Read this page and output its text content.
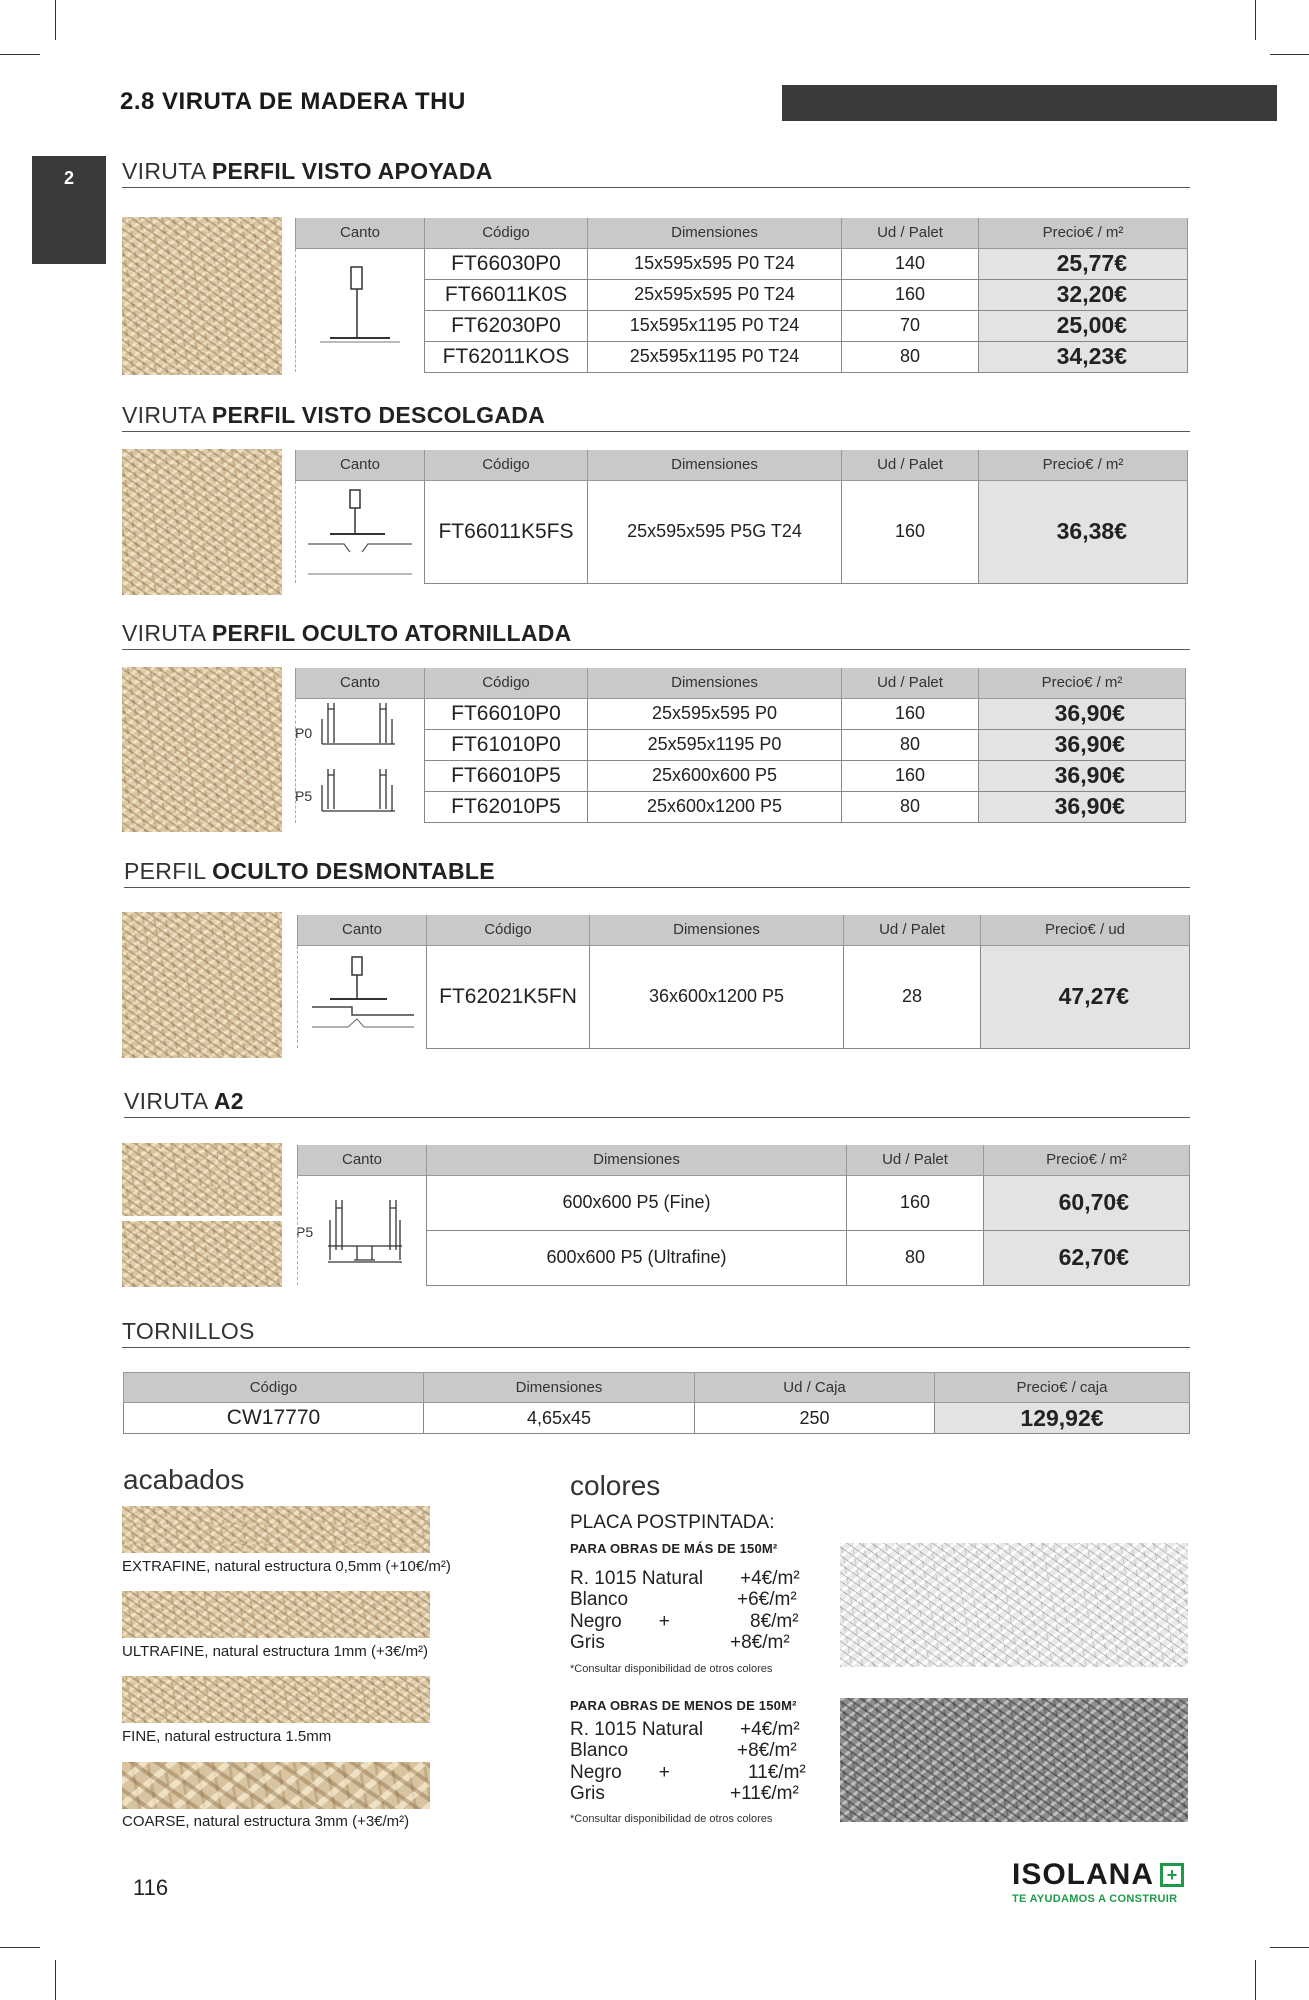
2.8 VIRUTA DE MADERA THU
2	VIRUTA PERFIL VISTO APOYADA
Canto	Código	Dimensiones	Ud / Palet	Precio€ / m²

	FT66030P0	15x595x595 P0 T24	140	25,77€
	FT66011K0S	25x595x595 P0 T24	160	32,20€
	FT62030P0	15x595x1195 P0 T24	70	25,00€
	FT62011KOS	25x595x1195 P0 T24	80	34,23€
VIRUTA PERFIL VISTO DESCOLGADA
Canto	Código	Dimensiones	Ud / Palet	Precio€ / m²

	FT66011K5FS	25x595x595 P5G T24	160	36,38€
VIRUTA PERFIL OCULTO ATORNILLADA
P0
P5
Canto	Código	Dimensiones	Ud / Palet	Precio€ / m²

	FT66010P0	25x595x595 P0	160	36,90€
	FT61010P0	25x595x1195 P0	80	36,90€
	FT66010P5	25x600x600 P5	160	36,90€
	FT62010P5	25x600x1200 P5	80	36,90€
PERFIL OCULTO DESMONTABLE
Canto	Código	Dimensiones	Ud / Palet	Precio€ / ud

	FT62021K5FN	36x600x1200 P5	28	47,27€
VIRUTA A2
P5
Canto	Dimensiones	Ud / Palet	Precio€ / m²

	600x600 P5 (Fine)	160	60,70€
	600x600 P5 (Ultrafine)	80	62,70€
TORNILLOS
Código	Dimensiones	Ud / Caja	Precio€ / caja
CW17770	4,65x45	250	129,92€
acabados
EXTRAFINE, natural estructura 0,5mm (+10€/m²)
ULTRAFINE, natural estructura 1mm (+3€/m²)
FINE, natural estructura 1.5mm
COARSE, natural estructura 3mm (+3€/m²)
colores
PLACA POSTPINTADA:
PARA OBRAS DE MÁS DE 150M²
R. 1015 Natural +4€/m²
Blanco	+6€/m²
Negro       +	8€/m²
Gris	+8€/m²
*Consultar disponibilidad de otros colores
PARA OBRAS DE MENOS DE 150M²
R. 1015 Natural +4€/m²
Blanco	+8€/m²
Negro       +	11€/m²
Gris	+11€/m²
*Consultar disponibilidad de otros colores
116	ISOLANA +
TE AYUDAMOS A CONSTRUIR
